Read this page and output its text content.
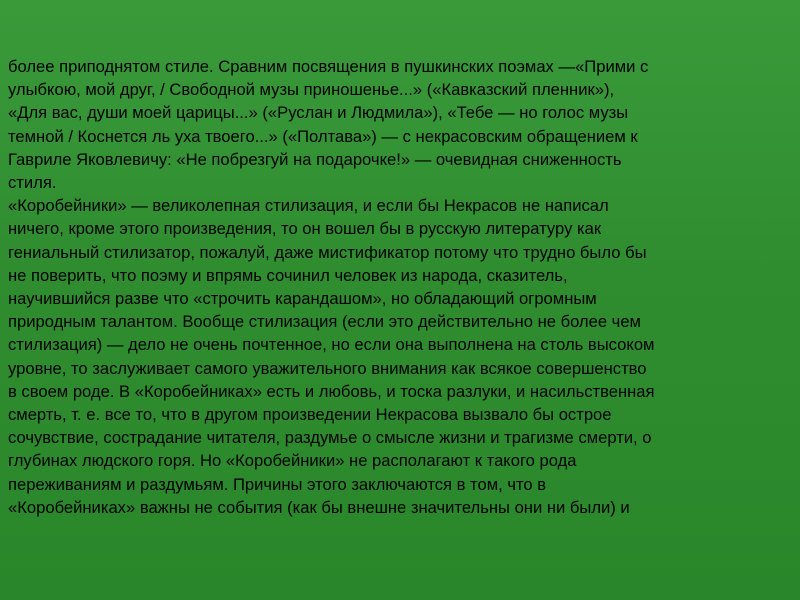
более приподнятом стиле. Сравним посвящения в пушкинских поэмах —«Прими с
улыбкою, мой друг, / Свободной музы приношенье...» («Кавказский пленник»),
«Для вас, души моей царицы...» («Руслан и Людмила»), «Тебе — но голос музы
темной / Коснется ль уха твоего...» («Полтава») — с некрасовским обращением к
Гавриле Яковлевичу: «Не побрезгуй на подарочке!» — очевидная сниженность
стиля.
«Коробейники» — великолепная стилизация, и если бы Некрасов не написал
ничего, кроме этого произведения, то он вошел бы в русскую литературу как
гениальный стилизатор, пожалуй, даже мистификатор потому что трудно было бы
не поверить, что поэму и впрямь сочинил человек из народа, сказитель,
научившийся разве что «строчить карандашом», но обладающий огромным
природным талантом. Вообще стилизация (если это действительно не более чем
стилизация) — дело не очень почтенное, но если она выполнена на столь высоком
уровне, то заслуживает самого уважительного внимания как всякое совершенство
в своем роде. В «Коробейниках» есть и любовь, и тоска разлуки, и насильственная
смерть, т. е. все то, что в другом произведении Некрасова вызвало бы острое
сочувствие, сострадание читателя, раздумье о смысле жизни и трагизме смерти, о
глубинах людского горя. Но «Коробейники» не располагают к такого рода
переживаниям и раздумьям. Причины этого заключаются в том, что в
«Коробейниках» важны не события (как бы внешне значительны они ни были) и
